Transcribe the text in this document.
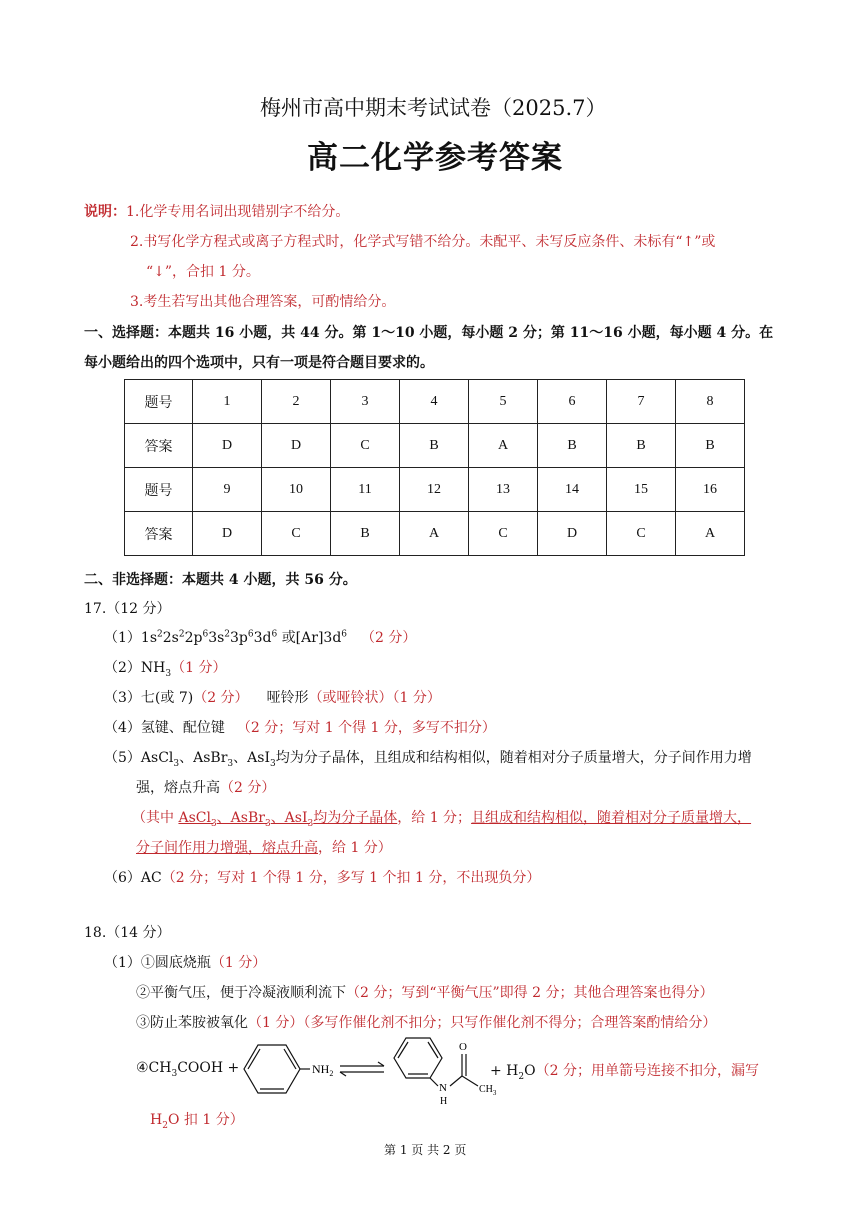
梅州市高中期末考试试卷（2025.7）
高二化学参考答案
说明：1.化学专用名词出现错别字不给分。
2.书写化学方程式或离子方程式时，化学式写错不给分。未配平、未写反应条件、未标有“↑”或
“↓”，合扣 1 分。
3.考生若写出其他合理答案，可酌情给分。
一、选择题：本题共 16 小题，共 44 分。第 1～10 小题，每小题 2 分；第 11～16 小题，每小题 4 分。在
每小题给出的四个选项中，只有一项是符合题目要求的。
题号	1	2	3	4	5	6	7	8
答案	D	D	C	B	A	B	B	B
题号	9	10	11	12	13	14	15	16
答案	D	C	B	A	C	D	C	A
二、非选择题：本题共 4 小题，共 56 分。
17.（12 分）
$(1)1s^22s^22p^63s^23p^63d^6$ 或$[Ar]3d^6$ （2 分）
$(2)NH_3(1$ 分）
（3）七(或 7)（2 分） 哑铃形（或哑铃状）（1 分）
（4）氢键、配位键 （2 分；写对 1 个得 1 分，多写不扣分）
（5）AsCl$_3$、AsBr$_3$、AsI$_3$均为分子晶体，且组成和结构相似，随着相对分子质量增大，分子间作用力增
强，熔点升高（2 分）
（其中 AsCl$_3$、AsBr$_3$、AsI$_3$均为分子晶体，给 1 分；且组成和结构相似，随着相对分子质量增大，
分子间作用力增强，熔点升高，给 1 分）
（6）AC（2 分；写对 1 个得 1 分，多写 1 个扣 1 分，不出现负分）
18.（14 分）
（1）①圆底烧瓶（1 分）
②平衡气压，便于冷凝液顺利流下（2 分；写到“平衡气压”即得 2 分；其他合理答案也得分）
③防止苯胺被氧化（1 分）（多写作催化剂不扣分；只写作催化剂不得分；合理答案酌情给分）
$④CH_3COOH$ +	$NH_2$
O
N
H
$CH_3$
+ $H_2O(2$ 分；用单箭号连接不扣分，漏写
$H_2O$ 扣 1 分）
第 1 页 共 2 页
